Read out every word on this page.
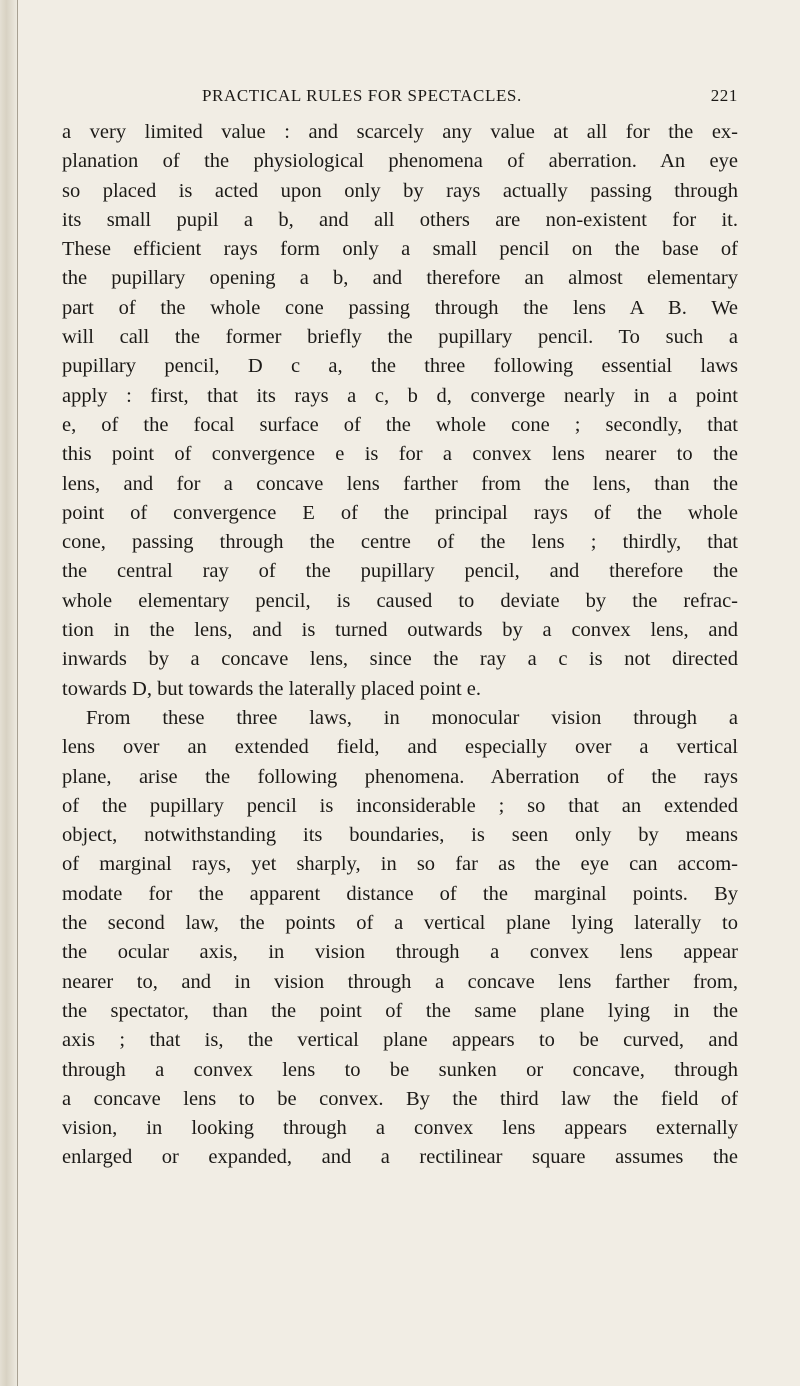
PRACTICAL RULES FOR SPECTACLES.	221
a very limited value : and scarcely any value at all for the ex-
planation of the physiological phenomena of aberration. An eye
so placed is acted upon only by rays actually passing through
its small pupil a b, and all others are non-existent for it.
These efficient rays form only a small pencil on the base of
the pupillary opening a b, and therefore an almost elementary
part of the whole cone passing through the lens A B. We
will call the former briefly the pupillary pencil. To such a
pupillary pencil, D c a, the three following essential laws
apply : first, that its rays a c, b d, converge nearly in a point
e, of the focal surface of the whole cone ; secondly, that
this point of convergence e is for a convex lens nearer to the
lens, and for a concave lens farther from the lens, than the
point of convergence E of the principal rays of the whole
cone, passing through the centre of the lens ; thirdly, that
the central ray of the pupillary pencil, and therefore the
whole elementary pencil, is caused to deviate by the refrac-
tion in the lens, and is turned outwards by a convex lens, and
inwards by a concave lens, since the ray a c is not directed
towards D, but towards the laterally placed point e.
From these three laws, in monocular vision through a
lens over an extended field, and especially over a vertical
plane, arise the following phenomena. Aberration of the rays
of the pupillary pencil is inconsiderable ; so that an extended
object, notwithstanding its boundaries, is seen only by means
of marginal rays, yet sharply, in so far as the eye can accom-
modate for the apparent distance of the marginal points. By
the second law, the points of a vertical plane lying laterally to
the ocular axis, in vision through a convex lens appear
nearer to, and in vision through a concave lens farther from,
the spectator, than the point of the same plane lying in the
axis ; that is, the vertical plane appears to be curved, and
through a convex lens to be sunken or concave, through
a concave lens to be convex. By the third law the field of
vision, in looking through a convex lens appears externally
enlarged or expanded, and a rectilinear square assumes the
